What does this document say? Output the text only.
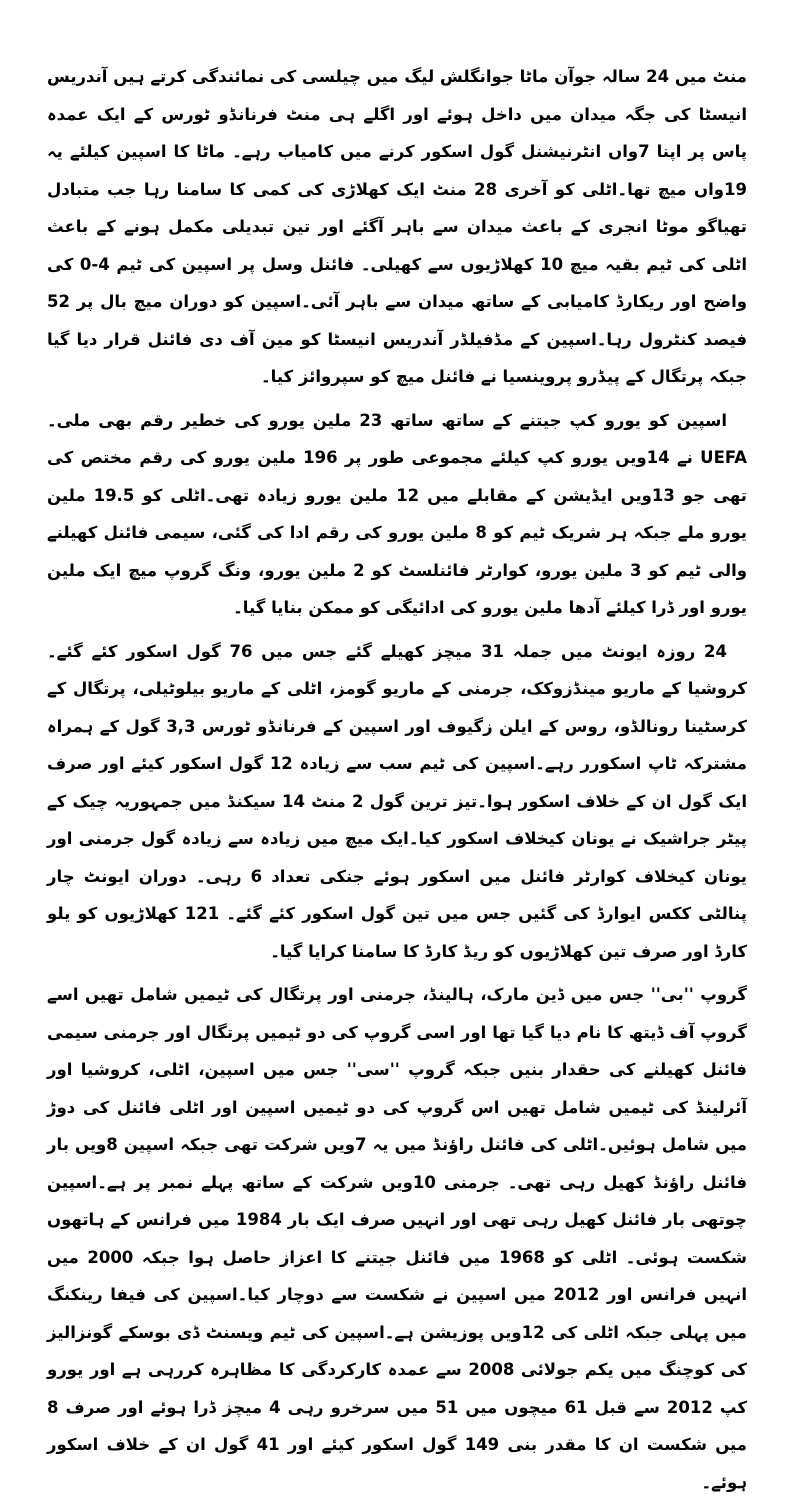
منٹ میں 24 سالہ جوآن ماٹا جوانگلش لیگ میں چیلسی کی نمائندگی کرتے ہیں آندریس انیسٹا کی جگہ میدان میں داخل ہوئے اور اگلے ہی منٹ فرنانڈو ٹورس کے ایک عمدہ پاس پر اپنا 7واں انٹرنیشنل گول اسکور کرنے میں کامیاب رہے۔ ماٹا کا اسپین کیلئے یہ 19واں میچ تھا۔اٹلی کو آخری 28 منٹ ایک کھلاڑی کی کمی کا سامنا رہا جب متبادل تھیاگو موٹا انجری کے باعث میدان سے باہر آگئے اور تین تبدیلی مکمل ہونے کے باعث اٹلی کی ٹیم بقیہ میچ 10 کھلاڑیوں سے کھیلی۔ فائنل وسل پر اسپین کی ٹیم 4-0 کی واضح اور ریکارڈ کامیابی کے ساتھ میدان سے باہر آئی۔اسپین کو دوران میچ بال پر 52 فیصد کنٹرول رہا۔اسپین کے مڈفیلڈر آندریس انیسٹا کو مین آف دی فائنل قرار دیا گیا جبکہ پرتگال کے پیڈرو پروینسیا نے فائنل میچ کو سپروائز کیا۔

اسپین کو یورو کپ جیتنے کے ساتھ ساتھ 23 ملین یورو کی خطیر رقم بھی ملی۔ UEFA نے 14ویں یورو کپ کیلئے مجموعی طور پر 196 ملین یورو کی رقم مختص کی تھی جو 13ویں ایڈیشن کے مقابلے میں 12 ملین یورو زیادہ تھی۔اٹلی کو 19.5 ملین یورو ملے جبکہ ہر شریک ٹیم کو 8 ملین یورو کی رقم ادا کی گئی، سیمی فائنل کھیلنے والی ٹیم کو 3 ملین یورو، کوارٹر فائنلسٹ کو 2 ملین یورو، ونگ گروپ میچ ایک ملین یورو اور ڈرا کیلئے آدھا ملین یورو کی ادائیگی کو ممکن بنایا گیا۔

24 روزہ ایونٹ میں جملہ 31 میچز کھیلے گئے جس میں 76 گول اسکور کئے گئے۔کروشیا کے ماریو مینڈزوکک، جرمنی کے ماریو گومز، اٹلی کے ماریو بیلوٹیلی، پرتگال کے کرسٹینا رونالڈو، روس کے ایلن زگیوف اور اسپین کے فرنانڈو ٹورس 3,3 گول کے ہمراہ مشترکہ ٹاپ اسکورر رہے۔اسپین کی ٹیم سب سے زیادہ 12 گول اسکور کیئے اور صرف ایک گول ان کے خلاف اسکور ہوا۔تیز ترین گول 2 منٹ 14 سیکنڈ میں جمہوریہ چیک کے پیٹر جراشیک نے یونان کیخلاف اسکور کیا۔ایک میچ میں زیادہ سے زیادہ گول جرمنی اور یونان کیخلاف کوارٹر فائنل میں اسکور ہوئے جنکی تعداد 6 رہی۔ دوران ایونٹ چار پنالٹی ککس ایوارڈ کی گئیں جس میں تین گول اسکور کئے گئے۔ 121 کھلاڑیوں کو یلو کارڈ اور صرف تین کھلاڑیوں کو ریڈ کارڈ کا سامنا کرایا گیا۔

گروپ ''بی'' جس میں ڈین مارک، ہالینڈ، جرمنی اور پرتگال کی ٹیمیں شامل تھیں اسے گروپ آف ڈیتھ کا نام دیا گیا تھا اور اسی گروپ کی دو ٹیمیں پرتگال اور جرمنی سیمی فائنل کھیلنے کی حقدار بنیں جبکہ گروپ ''سی'' جس میں اسپین، اٹلی، کروشیا اور آئرلینڈ کی ٹیمیں شامل تھیں اس گروپ کی دو ٹیمیں اسپین اور اٹلی فائنل کی دوڑ میں شامل ہوئیں۔اٹلی کی فائنل راؤنڈ میں یہ 7ویں شرکت تھی جبکہ اسپین 8ویں بار فائنل راؤنڈ کھیل رہی تھی۔ جرمنی 10ویں شرکت کے ساتھ پہلے نمبر پر ہے۔اسپین چوتھی بار فائنل کھیل رہی تھی اور انہیں صرف ایک بار 1984 میں فرانس کے ہاتھوں شکست ہوئی۔ اٹلی کو 1968 میں فائنل جیتنے کا اعزاز حاصل ہوا جبکہ 2000 میں انہیں فرانس اور 2012 میں اسپین نے شکست سے دوچار کیا۔اسپین کی فیفا رینکنگ میں پہلی جبکہ اٹلی کی 12ویں پوزیشن ہے۔اسپین کی ٹیم ویسنٹ ڈی بوسکے گونزالیز کی کوچنگ میں یکم جولائی 2008 سے عمدہ کارکردگی کا مظاہرہ کررہی ہے اور یورو کپ 2012 سے قبل 61 میچوں میں 51 میں سرخرو رہی 4 میچز ڈرا ہوئے اور صرف 8 میں شکست ان کا مقدر بنی 149 گول اسکور کیئے اور 41 گول ان کے خلاف اسکور ہوئے۔
